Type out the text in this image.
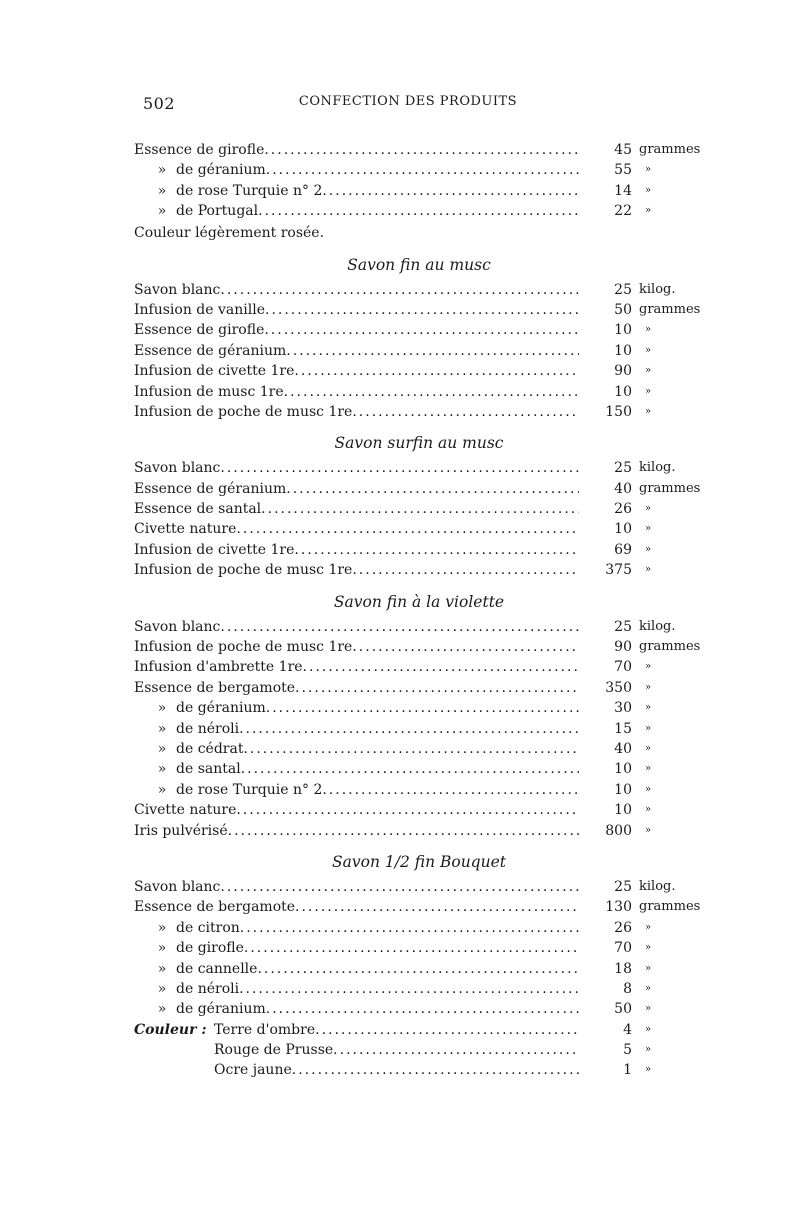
502	CONFECTION DES PRODUITS
Essence de girofle .....	45 grammes
» de géranium .....	55	»
» de rose Turquie n° 2 .....	14	»
» de Portugal .....	22	»
Couleur légèrement rosée.
Savon fin au musc
Savon blanc .....	25 kilog.
Infusion de vanille .....	50 grammes
Essence de girofle .....	10	»
Essence de géranium .....	10	»
Infusion de civette 1re .....	90	»
Infusion de musc 1re .....	10	»
Infusion de poche de musc 1re .....	150	»
Savon surfin au musc
Savon blanc .....	25 kilog.
Essence de géranium .....	40 grammes
Essence de santal .....	26	»
Civette nature .....	10	»
Infusion de civette 1re .....	69	»
Infusion de poche de musc 1re .....	375	»
Savon fin à la violette
Savon blanc .....	25 kilog.
Infusion de poche de musc 1re .....	90 grammes
Infusion d'ambrette 1re .....	70	»
Essence de bergamote .....	350	»
» de géranium .....	30	»
» de néroli .....	15	»
» de cédrat .....	40	»
» de santal .....	10	»
» de rose Turquie n° 2 .....	10	»
Civette nature .....	10	»
Iris pulvérisé .....	800	»
Savon 1/2 fin Bouquet
Savon blanc .....	25 kilog.
Essence de bergamote .....	130 grammes
» de citron .....	26	»
» de girofle .....	70	»
» de cannelle .....	18	»
» de néroli .....	8	»
» de géranium .....	50	»
Couleur : Terre d'ombre .....	4	»
Rouge de Prusse .....	5	»
Ocre jaune .....	1	»
